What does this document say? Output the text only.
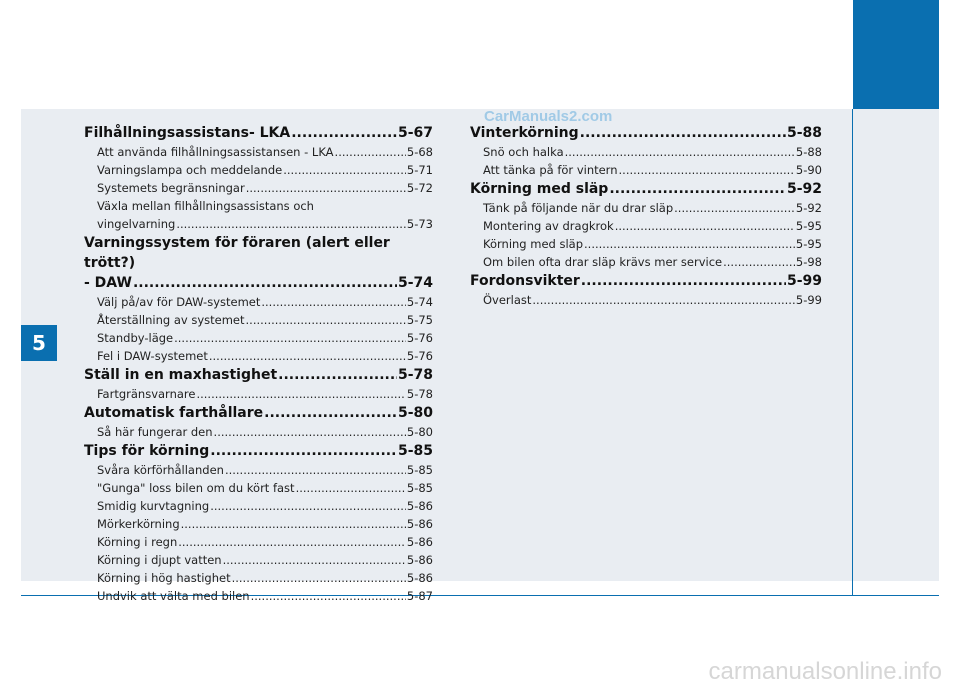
5
CarManuals2.com
Filhållningsassistans- LKA .....	5-67
Att använda filhållningsassistansen - LKA .....	5-68
Varningslampa och meddelande .....	5-71
Systemets begränsningar .....	5-72
Växla mellan filhållningsassistans och
vingelvarning .....	5-73
Varningssystem för föraren (alert eller trött?)
- DAW .....	5-74
Välj på/av för DAW-systemet .....	5-74
Återställning av systemet .....	5-75
Standby-läge .....	5-76
Fel i DAW-systemet .....	5-76
Ställ in en maxhastighet .....	5-78
Fartgränsvarnare .....	5-78
Automatisk farthållare .....	5-80
Så här fungerar den .....	5-80
Tips för körning .....	5-85
Svåra körförhållanden .....	5-85
"Gunga" loss bilen om du kört fast .....	5-85
Smidig kurvtagning .....	5-86
Mörkerkörning .....	5-86
Körning i regn .....	5-86
Körning i djupt vatten .....	5-86
Körning i hög hastighet .....	5-86
Undvik att välta med bilen .....	5-87
Vinterkörning .....	5-88
Snö och halka .....	5-88
Att tänka på för vintern .....	5-90
Körning med släp .....	5-92
Tänk på följande när du drar släp .....	5-92
Montering av dragkrok .....	5-95
Körning med släp .....	5-95
Om bilen ofta drar släp krävs mer service .....	5-98
Fordonsvikter .....	5-99
Överlast .....	5-99
carmanualsonline.info
